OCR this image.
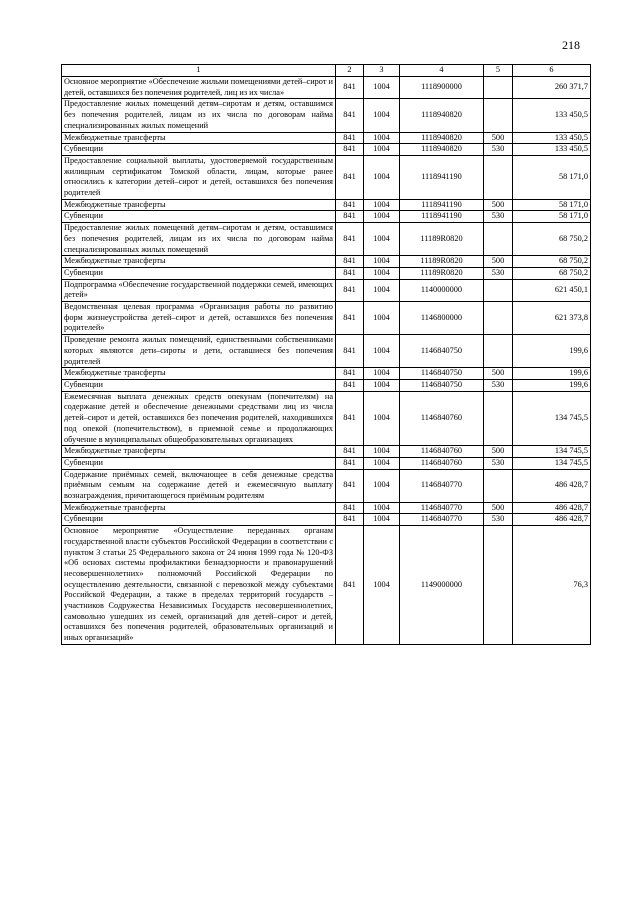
218
1	2	3	4	5	6
Основное мероприятие «Обеспечение жильми помещениями детей–сирот и детей, оставшихся без попечения родителей, лиц из их числа»	841	1004	1118900000		260 371,7
Предоставление жилых помещений детям–сиротам и детям, оставшимся без попечения родителей, лицам из их числа по договорам найма специализированных жилых помещений	841	1004	1118940820		133 450,5
Межбюджетные трансферты	841	1004	1118940820	500	133 450,5
Субвенции	841	1004	1118940820	530	133 450,5
Предоставление социальной выплаты, удостоверяемой государственным жилищным сертификатом Томской области, лицам, которые ранее относились к категории детей–сирот и детей, оставшихся без попечения родителей	841	1004	1118941190		58 171,0
Межбюджетные трансферты	841	1004	1118941190	500	58 171,0
Субвенции	841	1004	1118941190	530	58 171,0
Предоставление жилых помещений детям–сиротам и детям, оставшимся без попечения родителей, лицам из их числа по договорам найма специализированных жилых помещений	841	1004	11189R0820		68 750,2
Межбюджетные трансферты	841	1004	11189R0820	500	68 750,2
Субвенции	841	1004	11189R0820	530	68 750,2
Подпрограмма «Обеспечение государственной поддержки семей, имеющих детей»	841	1004	1140000000		621 450,1
Ведомственная целевая программа «Организация работы по развитию форм жизнеустройства детей–сирот и детей, оставшихся без попечения родителей»	841	1004	1146800000		621 373,8
Проведение ремонта жилых помещений, единственными собственниками которых являются дети–сироты и дети, оставшиеся без попечения родителей	841	1004	1146840750		199,6
Межбюджетные трансферты	841	1004	1146840750	500	199,6
Субвенции	841	1004	1146840750	530	199,6
Ежемесячная выплата денежных средств опекунам (попечителям) на содержание детей и обеспечение денежными средствами лиц из числа детей–сирот и детей, оставшихся без попечения родителей, находившихся под опекой (попечительством), в приемной семье и продолжающих обучение в муниципальных общеобразовательных организациях	841	1004	1146840760		134 745,5
Межбюджетные трансферты	841	1004	1146840760	500	134 745,5
Субвенции	841	1004	1146840760	530	134 745,5
Содержание приёмных семей, включающее в себя денежные средства приёмным семьям на содержание детей и ежемесячную выплату вознаграждения, причитающегося приёмным родителям	841	1004	1146840770		486 428,7
Межбюджетные трансферты	841	1004	1146840770	500	486 428,7
Субвенции	841	1004	1146840770	530	486 428,7
Основное мероприятие «Осуществление переданных органам государственной власти субъектов Российской Федерации в соответствии с пунктом 3 статьи 25 Федерального закона от 24 июня 1999 года № 120-ФЗ «Об основах системы профилактики безнадзорности и правонарушений несовершеннолетних» полномочий Российской Федерации по осуществлению деятельности, связанной с перевозкой между субъектами Российской Федерации, а также в пределах территорий государств – участников Содружества Независимых Государств несовершеннолетних, самовольно ушедших из семей, организаций для детей–сирот и детей, оставшихся без попечения родителей, образовательных организаций и иных организаций»	841	1004	1149000000		76,3
